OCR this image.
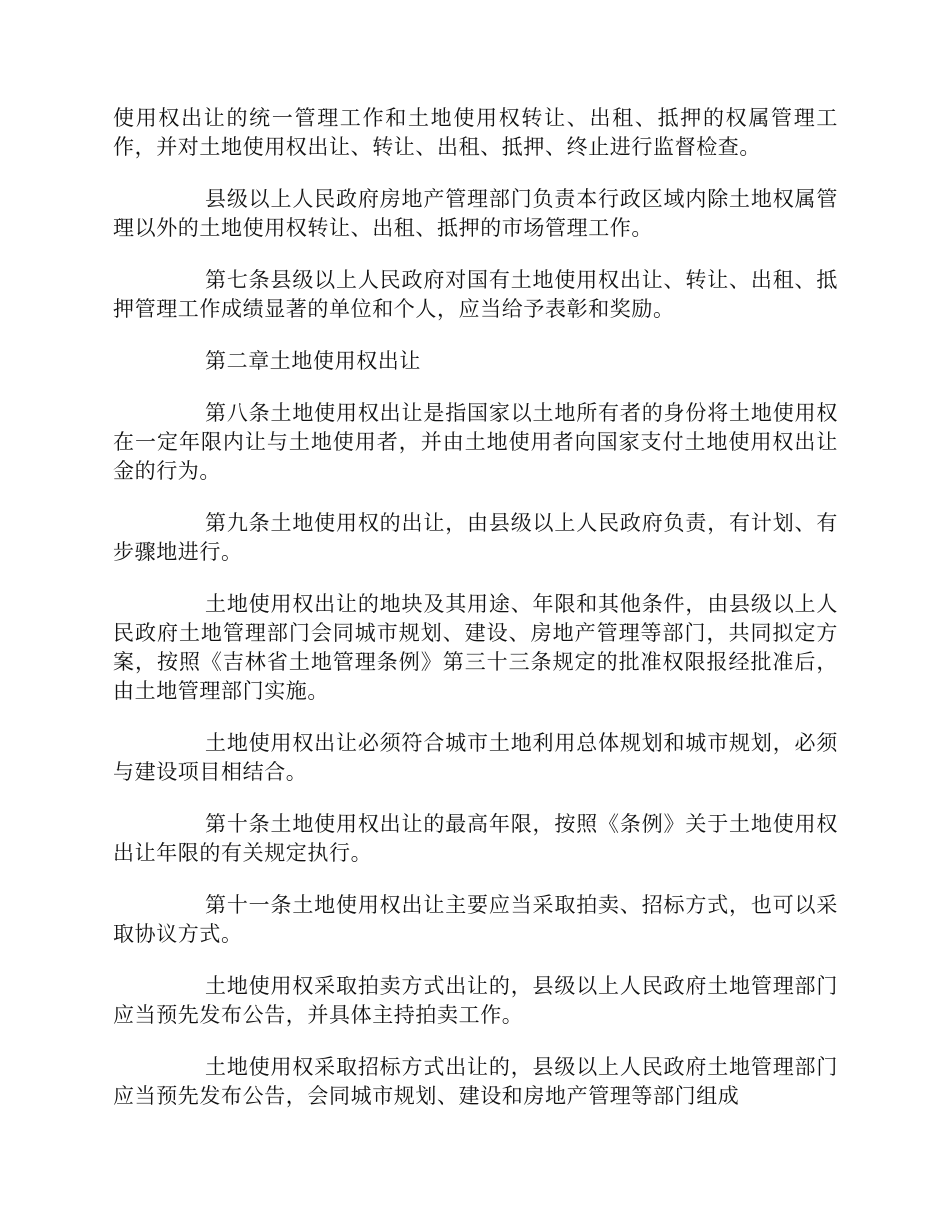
使用权出让的统一管理工作和土地使用权转让、出租、抵押的权属管理工作，并对土地使用权出让、转让、出租、抵押、终止进行监督检查。

县级以上人民政府房地产管理部门负责本行政区域内除土地权属管理以外的土地使用权转让、出租、抵押的市场管理工作。

第七条县级以上人民政府对国有土地使用权出让、转让、出租、抵押管理工作成绩显著的单位和个人，应当给予表彰和奖励。

第二章土地使用权出让

第八条土地使用权出让是指国家以土地所有者的身份将土地使用权在一定年限内让与土地使用者，并由土地使用者向国家支付土地使用权出让金的行为。

第九条土地使用权的出让，由县级以上人民政府负责，有计划、有步骤地进行。

土地使用权出让的地块及其用途、年限和其他条件，由县级以上人民政府土地管理部门会同城市规划、建设、房地产管理等部门，共同拟定方案，按照《吉林省土地管理条例》第三十三条规定的批准权限报经批准后，由土地管理部门实施。

土地使用权出让必须符合城市土地利用总体规划和城市规划，必须与建设项目相结合。

第十条土地使用权出让的最高年限，按照《条例》关于土地使用权出让年限的有关规定执行。

第十一条土地使用权出让主要应当采取拍卖、招标方式，也可以采取协议方式。

土地使用权采取拍卖方式出让的，县级以上人民政府土地管理部门应当预先发布公告，并具体主持拍卖工作。

土地使用权采取招标方式出让的，县级以上人民政府土地管理部门应当预先发布公告，会同城市规划、建设和房地产管理等部门组成
